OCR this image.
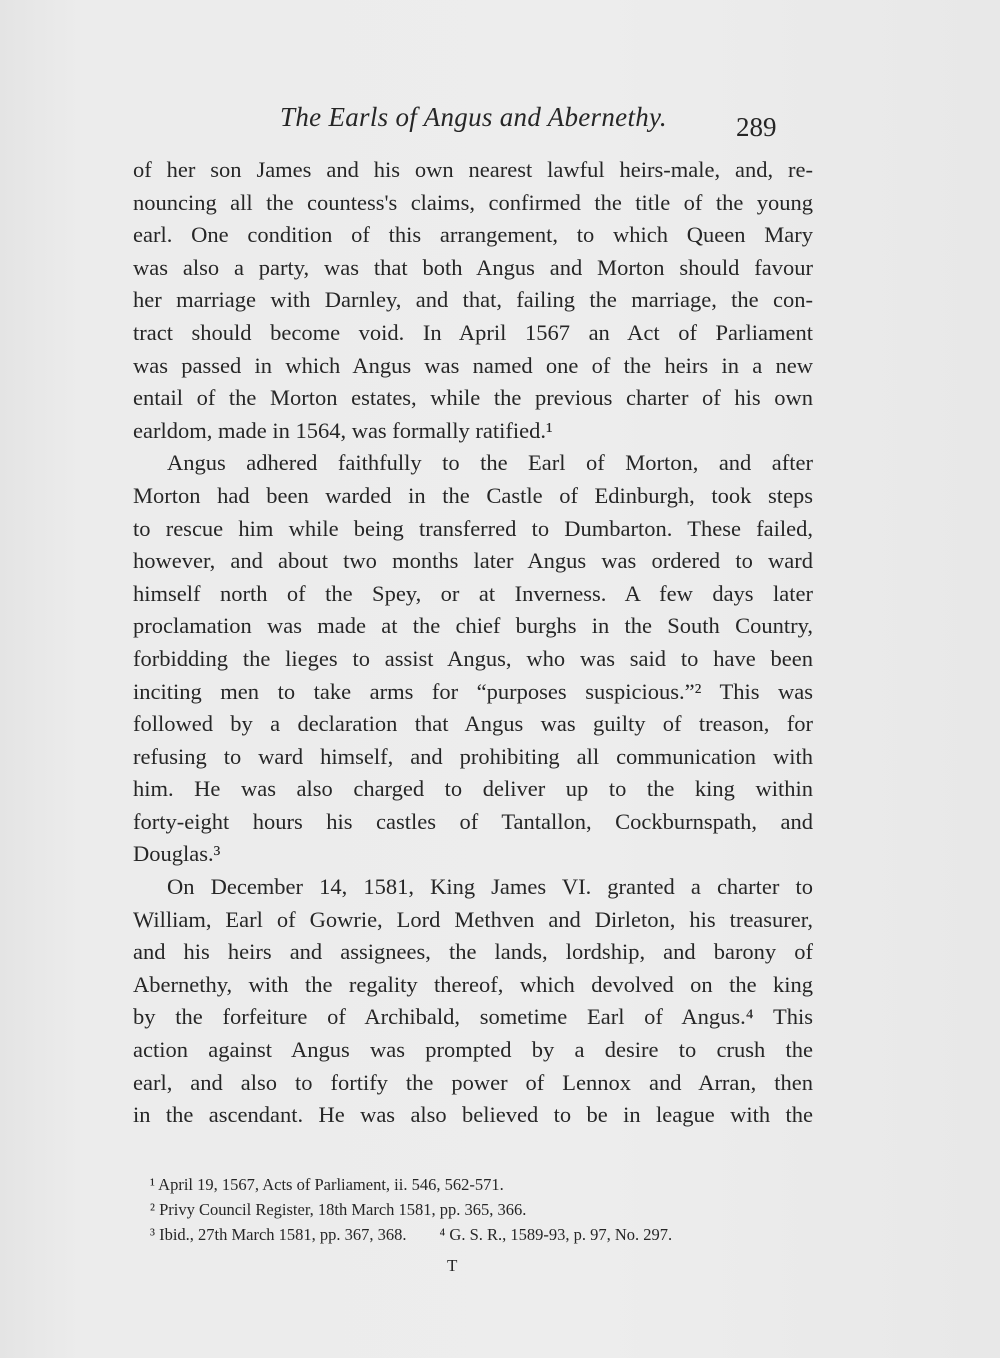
The Earls of Angus and Abernethy.	289
of her son James and his own nearest lawful heirs-male, and, re-
nouncing all the countess's claims, confirmed the title of the young
earl. One condition of this arrangement, to which Queen Mary
was also a party, was that both Angus and Morton should favour
her marriage with Darnley, and that, failing the marriage, the con-
tract should become void. In April 1567 an Act of Parliament
was passed in which Angus was named one of the heirs in a new
entail of the Morton estates, while the previous charter of his own
earldom, made in 1564, was formally ratified.¹
Angus adhered faithfully to the Earl of Morton, and after
Morton had been warded in the Castle of Edinburgh, took steps
to rescue him while being transferred to Dumbarton. These failed,
however, and about two months later Angus was ordered to ward
himself north of the Spey, or at Inverness. A few days later
proclamation was made at the chief burghs in the South Country,
forbidding the lieges to assist Angus, who was said to have been
inciting men to take arms for “purposes suspicious.”² This was
followed by a declaration that Angus was guilty of treason, for
refusing to ward himself, and prohibiting all communication with
him. He was also charged to deliver up to the king within
forty-eight hours his castles of Tantallon, Cockburnspath, and
Douglas.³
On December 14, 1581, King James VI. granted a charter to
William, Earl of Gowrie, Lord Methven and Dirleton, his treasurer,
and his heirs and assignees, the lands, lordship, and barony of
Abernethy, with the regality thereof, which devolved on the king
by the forfeiture of Archibald, sometime Earl of Angus.⁴ This
action against Angus was prompted by a desire to crush the
earl, and also to fortify the power of Lennox and Arran, then
in the ascendant. He was also believed to be in league with the
¹ April 19, 1567, Acts of Parliament, ii. 546, 562-571.
² Privy Council Register, 18th March 1581, pp. 365, 366.
³ Ibid., 27th March 1581, pp. 367, 368.        ⁴ G. S. R., 1589-93, p. 97, No. 297.
T
